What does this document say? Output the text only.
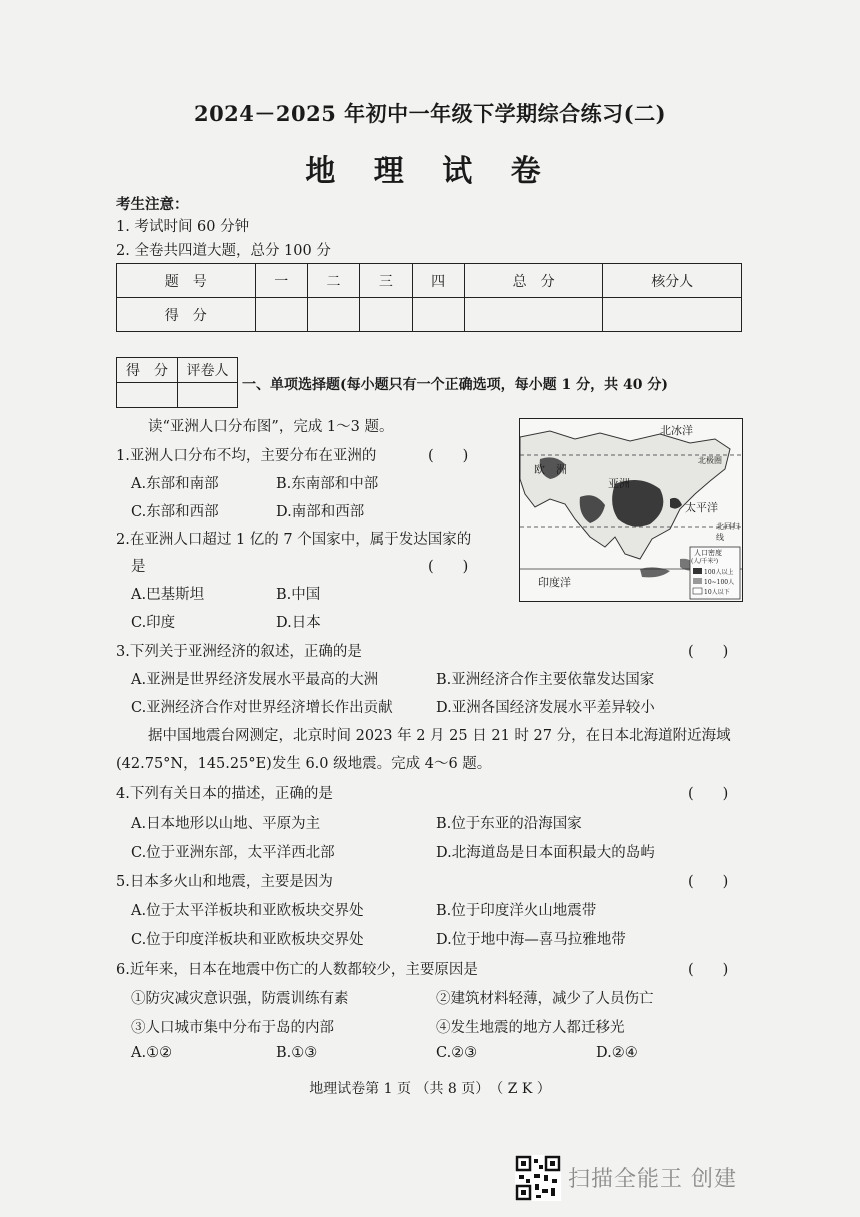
2024－2025 年初中一年级下学期综合练习(二)
地 理 试 卷
考生注意：
1. 考试时间 60 分钟
2. 全卷共四道大题，总分 100 分
题　号	一	二	三	四	总　分	核分人
得　分						
得　分	评卷人

一、单项选择题(每小题只有一个正确选项，每小题 1 分，共 40 分)
读“亚洲人口分布图”，完成 1～3 题。
1.亚洲人口分布不均，主要分布在亚洲的	(　　)
A.东部和南部	B.东南部和中部
C.东部和西部	D.南部和西部
2.在亚洲人口超过 1 亿的 7 个国家中，属于发达国家的
是	(　　)
A.巴基斯坦	B.中国
C.印度	D.日本
北冰洋
北极圈
欧　洲
亚洲
太平洋
北回归线
印度洋
人口密度
(人/千米²)
100人以上
10~100人
10人以下
3.下列关于亚洲经济的叙述，正确的是	(　　)
A.亚洲是世界经济发展水平最高的大洲	B.亚洲经济合作主要依靠发达国家
C.亚洲经济合作对世界经济增长作出贡献	D.亚洲各国经济发展水平差异较小
据中国地震台网测定，北京时间 2023 年 2 月 25 日 21 时 27 分，在日本北海道附近海域
(42.75°N，145.25°E)发生 6.0 级地震。完成 4～6 题。
4.下列有关日本的描述，正确的是	(　　)
A.日本地形以山地、平原为主	B.位于东亚的沿海国家
C.位于亚洲东部，太平洋西北部	D.北海道岛是日本面积最大的岛屿
5.日本多火山和地震，主要是因为	(　　)
A.位于太平洋板块和亚欧板块交界处	B.位于印度洋火山地震带
C.位于印度洋板块和亚欧板块交界处	D.位于地中海—喜马拉雅地带
6.近年来，日本在地震中伤亡的人数都较少，主要原因是	(　　)
①防灾减灾意识强，防震训练有素	②建筑材料轻薄，减少了人员伤亡
③人口城市集中分布于岛的内部	④发生地震的地方人都迁移光
A.①②	B.①③	C.②③	D.②④
地理试卷第 1 页 （共 8 页）　（ Z K ）
扫描全能王 创建
